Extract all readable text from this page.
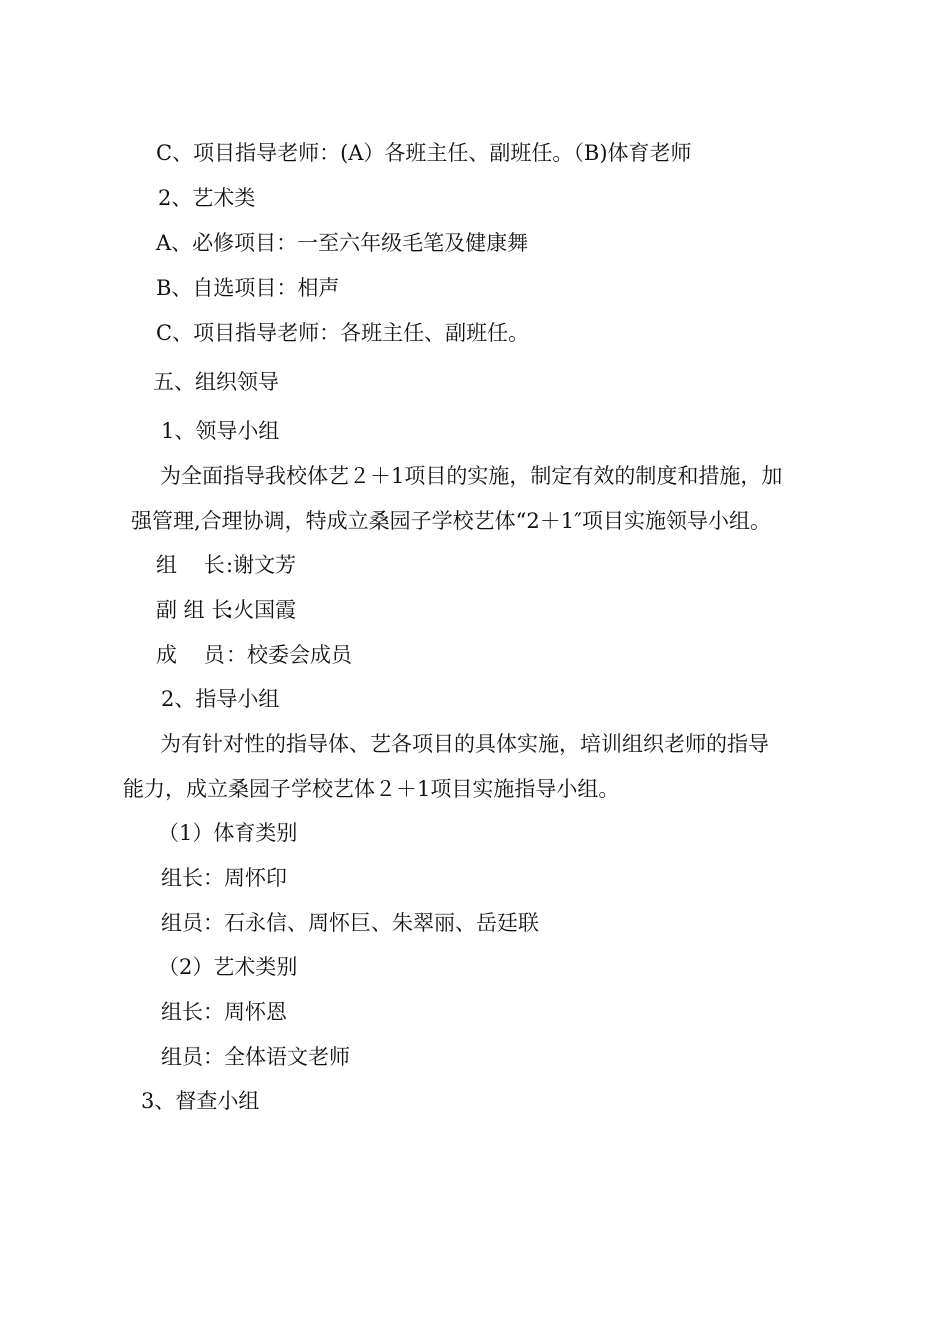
C、项目指导老师：(A）各班主任、副班任。（B)体育老师
2、艺术类
A、必修项目：一至六年级毛笔及健康舞
B、自选项目：相声
C、项目指导老师：各班主任、副班任。
五、组织领导
1、领导小组
为全面指导我校体艺２＋1项目的实施，制定有效的制度和措施，加
强管理,合理协调，特成立桑园子学校艺体“2＋1″项目实施领导小组。
组    长:谢文芳
副 组 长:火国霞
成    员：校委会成员
2、指导小组
为有针对性的指导体、艺各项目的具体实施，培训组织老师的指导
能力，成立桑园子学校艺体２＋1项目实施指导小组。
（1）体育类别
组长：周怀印
组员：石永信、周怀巨、朱翠丽、岳廷联
（2）艺术类别
组长：周怀恩
组员：全体语文老师
3、督查小组
